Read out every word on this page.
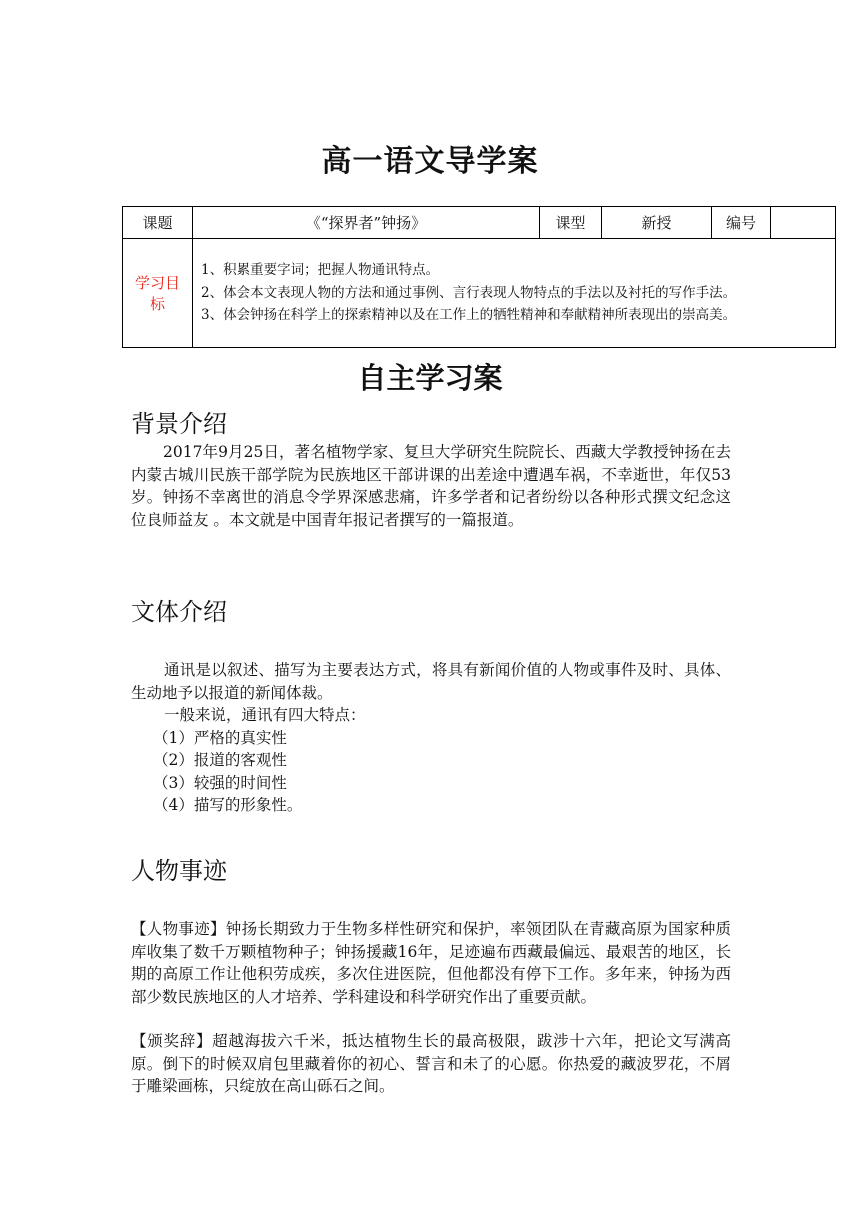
高一语文导学案
课题	《“探界者”钟扬》	课型	新授	编号	
学习目标	1、积累重要字词；把握人物通讯特点。
2、体会本文表现人物的方法和通过事例、言行表现人物特点的手法以及衬托的写作手法。
3、体会钟扬在科学上的探索精神以及在工作上的牺牲精神和奉献精神所表现出的崇高美。				
自主学习案
背景介绍
2017年9月25日，著名植物学家、复旦大学研究生院院长、西藏大学教授钟扬在去内蒙古城川民族干部学院为民族地区干部讲课的出差途中遭遇车祸，不幸逝世，年仅53岁。钟扬不幸离世的消息令学界深感悲痛，许多学者和记者纷纷以各种形式撰文纪念这位良师益友 。本文就是中国青年报记者撰写的一篇报道。
文体介绍
通讯是以叙述、描写为主要表达方式，将具有新闻价值的人物或事件及时、具体、生动地予以报道的新闻体裁。
一般来说，通讯有四大特点：
（1）严格的真实性
（2）报道的客观性
（3）较强的时间性
（4）描写的形象性。
人物事迹
【人物事迹】钟扬长期致力于生物多样性研究和保护，率领团队在青藏高原为国家种质库收集了数千万颗植物种子；钟扬援藏16年，足迹遍布西藏最偏远、最艰苦的地区，长期的高原工作让他积劳成疾，多次住进医院，但他都没有停下工作。多年来，钟扬为西部少数民族地区的人才培养、学科建设和科学研究作出了重要贡献。
【颁奖辞】超越海拔六千米，抵达植物生长的最高极限，跋涉十六年，把论文写满高原。倒下的时候双肩包里藏着你的初心、誓言和未了的心愿。你热爱的藏波罗花，不屑于雕梁画栋，只绽放在高山砾石之间。
